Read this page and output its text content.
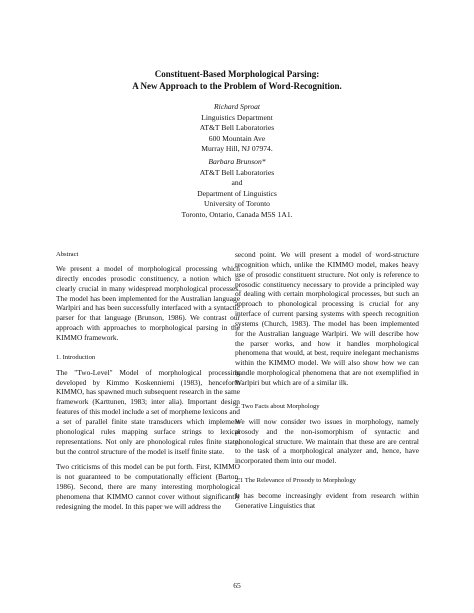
Constituent-Based Morphological Parsing:
A New Approach to the Problem of Word-Recognition.
Richard Sproat
Linguistics Department
AT&T Bell Laboratories
600 Mountain Ave
Murray Hill, NJ 07974.
Barbara Brunson*
AT&T Bell Laboratories
and
Department of Linguistics
University of Toronto
Toronto, Ontario, Canada M5S 1A1.
Abstract

We present a model of morphological processing which directly encodes prosodic constituency, a notion which is clearly crucial in many widespread morphological processes. The model has been implemented for the Australian language Warlpiri and has been successfully interfaced with a syntactic parser for that language (Brunson, 1986). We contrast our approach with approaches to morphological parsing in the KIMMO framework.

1. Introduction

The "Two-Level" Model of morphological processing developed by Kimmo Koskenniemi (1983), henceforth KIMMO, has spawned much subsequent research in the same framework (Karttunen, 1983; inter alia). Important design features of this model include a set of morpheme lexicons and a set of parallel finite state transducers which implement phonological rules mapping surface strings to lexical representations. Not only are phonological rules finite state, but the control structure of the model is itself finite state.

Two criticisms of this model can be put forth. First, KIMMO is not guaranteed to be computationally efficient (Barton, 1986). Second, there are many interesting morphological phenomena that KIMMO cannot cover without significantly redesigning the model. In this paper we will address the

second point. We will present a model of word-structure recognition which, unlike the KIMMO model, makes heavy use of prosodic constituent structure. Not only is reference to prosodic constituency necessary to provide a principled way of dealing with certain morphological processes, but such an approach to phonological processing is crucial for any interface of current parsing systems with speech recognition systems (Church, 1983). The model has been implemented for the Australian language Warlpiri. We will describe how the parser works, and how it handles morphological phenomena that would, at best, require inelegant mechanisms within the KIMMO model. We will also show how we can handle morphological phenomena that are not exemplified in Warlpiri but which are of a similar ilk.

2. Two Facts about Morphology

We will now consider two issues in morphology, namely prosody and the non-isomorphism of syntactic and phonological structure. We maintain that these are are central to the task of a morphological analyzer and, hence, have incorporated them into our model.

2.1 The Relevance of Prosody to Morphology

It has become increasingly evident from research within Generative Linguistics that

65
